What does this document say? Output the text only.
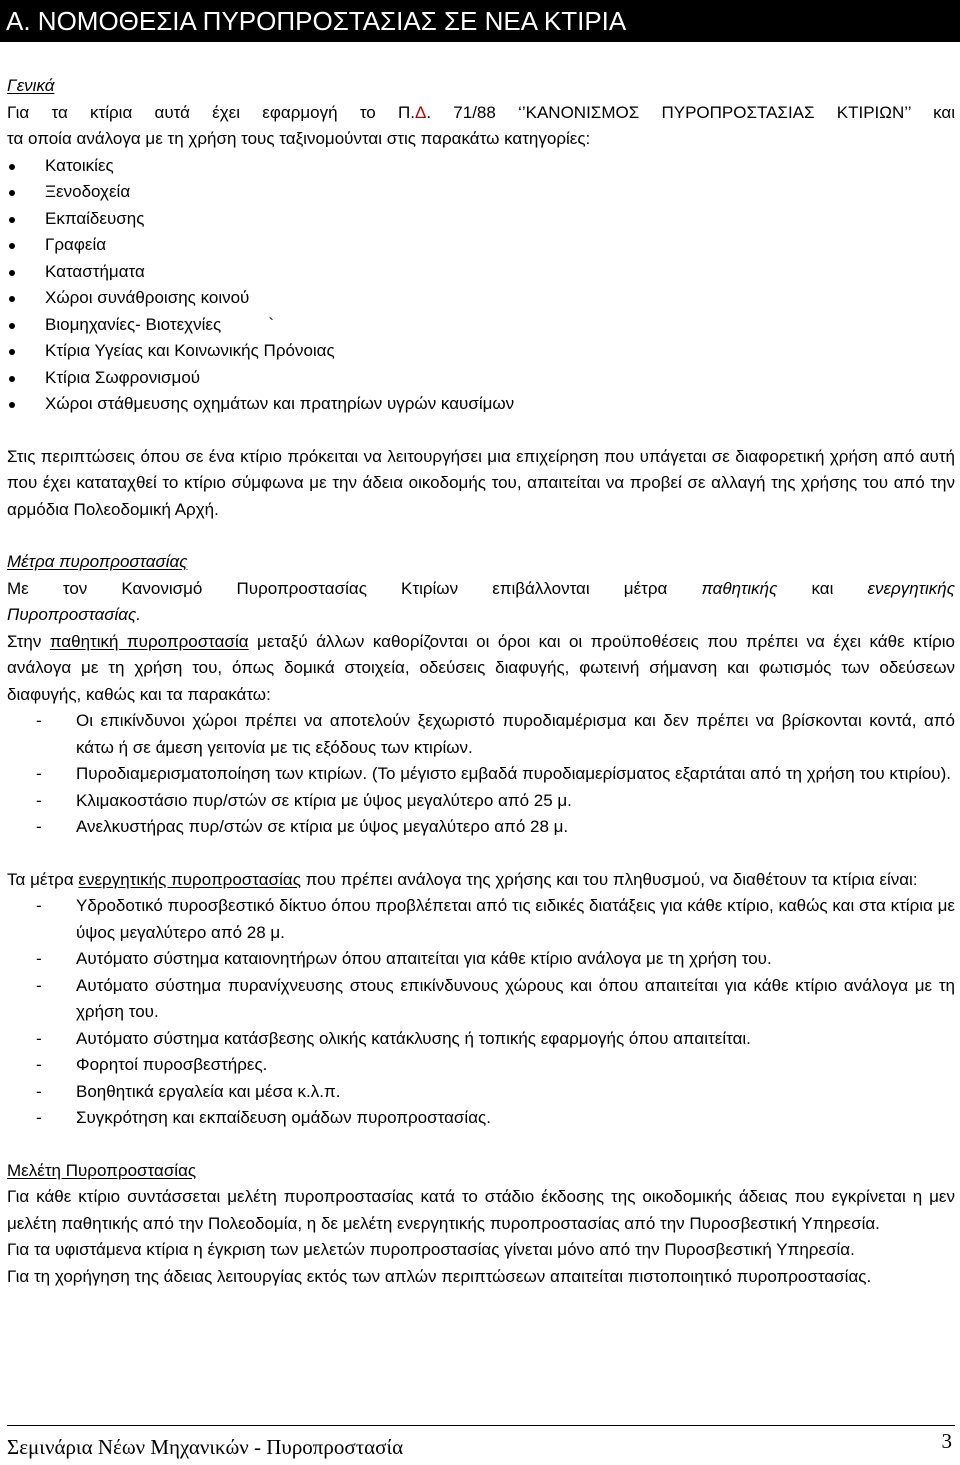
Α. ΝΟΜΟΘΕΣΙΑ ΠΥΡΟΠΡΟΣΤΑΣΙΑΣ ΣΕ ΝΕΑ ΚΤΙΡΙΑ

Γενικά

Για τα κτίρια αυτά έχει εφαρμογή το Π.Δ. 71/88 ‘’ΚΑΝΟΝΙΣΜΟΣ ΠΥΡΟΠΡΟΣΤΑΣΙΑΣ ΚΤΙΡΙΩΝ’’ και

τα οποία ανάλογα με τη χρήση τους ταξινομούνται στις παρακάτω κατηγορίες:

Κατοικίες
Ξενοδοχεία
Εκπαίδευσης
Γραφεία
Καταστήματα
Χώροι συνάθροισης κοινού
Βιομηχανίες- Βιοτεχνίες          `
Κτίρια Υγείας και Κοινωνικής Πρόνοιας
Κτίρια Σωφρονισμού
Χώροι στάθμευσης οχημάτων και πρατηρίων υγρών καυσίμων

Στις περιπτώσεις όπου σε ένα κτίριο πρόκειται να λειτουργήσει μια επιχείρηση που υπάγεται σε διαφορετική χρήση από αυτή που έχει καταταχθεί το κτίριο σύμφωνα με την άδεια οικοδομής του, απαιτείται να προβεί σε αλλαγή της χρήσης του από την αρμόδια Πολεοδομική Αρχή.

Μέτρα πυροπροστασίας

Με τον Κανονισμό Πυροπροστασίας Κτιρίων επιβάλλονται μέτρα παθητικής και ενεργητικής

Πυροπροστασίας.

Στην παθητική πυροπροστασία μεταξύ άλλων καθορίζονται οι όροι και οι προϋποθέσεις που πρέπει να έχει κάθε κτίριο ανάλογα με τη χρήση του, όπως δομικά στοιχεία, οδεύσεις διαφυγής, φωτεινή σήμανση και φωτισμός των οδεύσεων διαφυγής, καθώς και τα παρακάτω:

- Οι επικίνδυνοι χώροι πρέπει να αποτελούν ξεχωριστό πυροδιαμέρισμα και δεν πρέπει να βρίσκονται κοντά, από κάτω ή σε άμεση γειτονία με τις εξόδους των κτιρίων.
- Πυροδιαμερισματοποίηση των κτιρίων. (Το μέγιστο εμβαδά πυροδιαμερίσματος εξαρτάται από τη χρήση του κτιρίου).
- Κλιμακοστάσιο πυρ/στών σε κτίρια με ύψος μεγαλύτερο από 25 μ.
- Ανελκυστήρας πυρ/στών σε κτίρια με ύψος μεγαλύτερο από 28 μ.

Τα μέτρα ενεργητικής πυροπροστασίας που πρέπει ανάλογα της χρήσης και του πληθυσμού, να διαθέτουν τα κτίρια είναι:

- Υδροδοτικό πυροσβεστικό δίκτυο όπου προβλέπεται από τις ειδικές διατάξεις για κάθε κτίριο, καθώς και στα κτίρια με ύψος μεγαλύτερο από 28 μ.
- Αυτόματο σύστημα καταιονητήρων όπου απαιτείται για κάθε κτίριο ανάλογα με τη χρήση του.
- Αυτόματο σύστημα πυρανίχνευσης στους επικίνδυνους χώρους και όπου απαιτείται για κάθε κτίριο ανάλογα με τη χρήση του.
- Αυτόματο σύστημα κατάσβεσης ολικής κατάκλυσης ή τοπικής εφαρμογής όπου απαιτείται.
- Φορητοί πυροσβεστήρες.
- Βοηθητικά εργαλεία και μέσα κ.λ.π.
- Συγκρότηση και εκπαίδευση ομάδων πυροπροστασίας.

Μελέτη Πυροπροστασίας

Για κάθε κτίριο συντάσσεται μελέτη πυροπροστασίας κατά το στάδιο έκδοσης της οικοδομικής άδειας που εγκρίνεται η μεν μελέτη παθητικής από την Πολεοδομία, η δε μελέτη ενεργητικής πυροπροστασίας από την Πυροσβεστική Υπηρεσία.

Για τα υφιστάμενα κτίρια η έγκριση των μελετών πυροπροστασίας γίνεται μόνο από την Πυροσβεστική Υπηρεσία.

Για τη χορήγηση της άδειας λειτουργίας εκτός των απλών περιπτώσεων απαιτείται πιστοποιητικό πυροπροστασίας.

Σεμινάρια Νέων Μηχανικών - Πυροπροστασία	3
